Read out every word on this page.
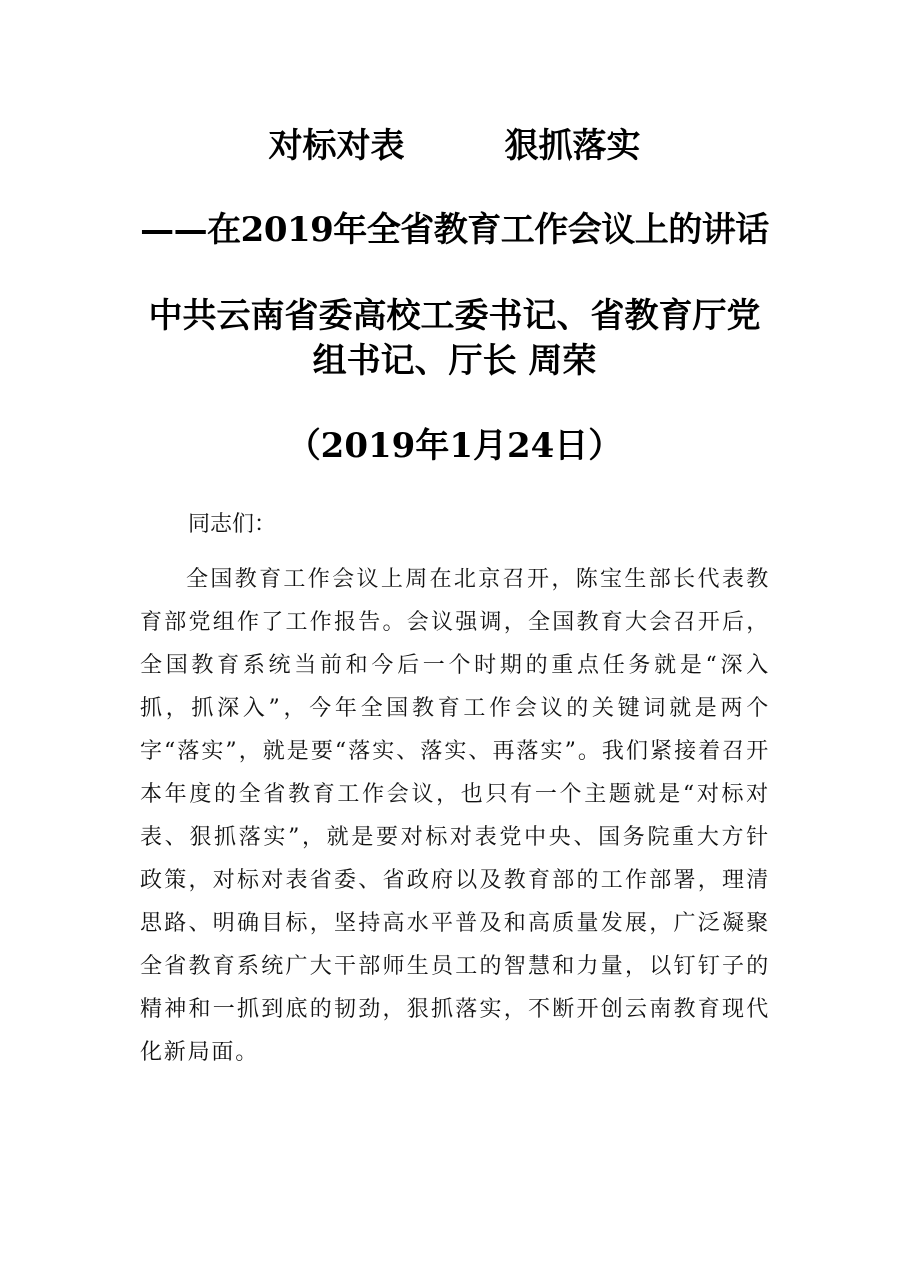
对标对表	狠抓落实
——在2019年全省教育工作会议上的讲话
中共云南省委高校工委书记、省教育厅党
组书记、厅长 周荣
（2019年1月24日）
同志们：
全国教育工作会议上周在北京召开，陈宝生部长代表教育部党组作了工作报告。会议强调，全国教育大会召开后，全国教育系统当前和今后一个时期的重点任务就是“深入抓，抓深入”，今年全国教育工作会议的关键词就是两个字“落实”，就是要“落实、落实、再落实”。我们紧接着召开本年度的全省教育工作会议，也只有一个主题就是“对标对表、狠抓落实”，就是要对标对表党中央、国务院重大方针政策，对标对表省委、省政府以及教育部的工作部署，理清思路、明确目标，坚持高水平普及和高质量发展，广泛凝聚全省教育系统广大干部师生员工的智慧和力量，以钉钉子的精神和一抓到底的韧劲，狠抓落实，不断开创云南教育现代化新局面。
